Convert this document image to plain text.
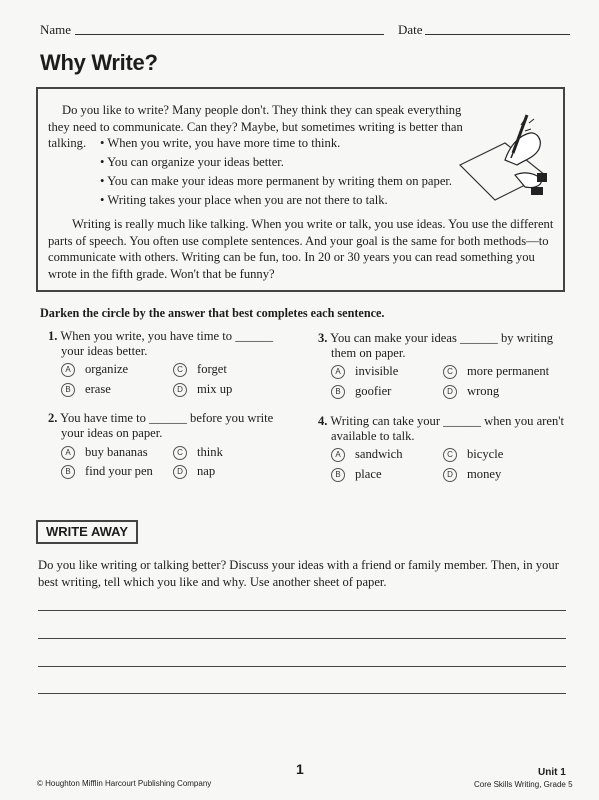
Name	Date
Why Write?
Do you like to write? Many people don't. They think they can speak everything they need to communicate. Can they? Maybe, but sometimes writing is better than talking.	• When you write, you have more time to think.
• You can organize your ideas better.
• You can make your ideas more permanent by writing them on paper.
• Writing takes your place when you are not there to talk.
Writing is really much like talking. When you write or talk, you use ideas. You use the different parts of speech. You often use complete sentences. And your goal is the same for both methods—to communicate with others. Writing can be fun, too. In 20 or 30 years you can read something you wrote in the fifth grade. Won't that be funny?
Darken the circle by the answer that best completes each sentence.
1. When you write, you have time to ______
your ideas better.
A	organize	C	forget
B	erase	D	mix up
2. You have time to ______ before you write
your ideas on paper.
A	buy bananas	C	think
B	find your pen	D	nap
3. You can make your ideas ______ by writing
them on paper.
A	invisible	C	more permanent
B	goofier	D	wrong
4. Writing can take your ______ when you aren't
available to talk.
A	sandwich	C	bicycle
B	place	D	money
WRITE AWAY
Do you like writing or talking better? Discuss your ideas with a friend or family member. Then, in your best writing, tell which you like and why. Use another sheet of paper.
© Houghton Mifflin Harcourt Publishing Company
1	Unit 1
Core Skills Writing, Grade 5
